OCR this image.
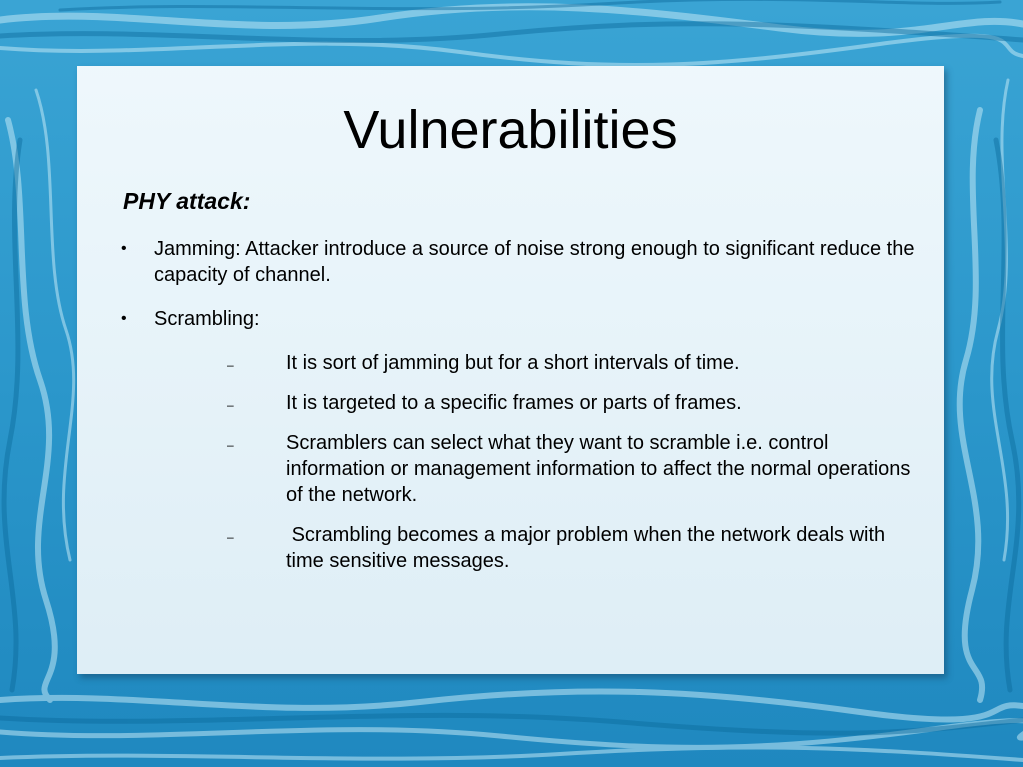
Vulnerabilities
PHY attack:
• Jamming: Attacker introduce a source of noise strong enough to significant reduce the capacity of channel.
• Scrambling:
–	It is sort of jamming but for a short intervals of time.
–	It is targeted to a specific frames or parts of frames.
–	Scramblers can select what they want to scramble i.e. control information or management information to affect the normal operations of the network.
–	Scrambling becomes a major problem when the network deals with time sensitive messages.
